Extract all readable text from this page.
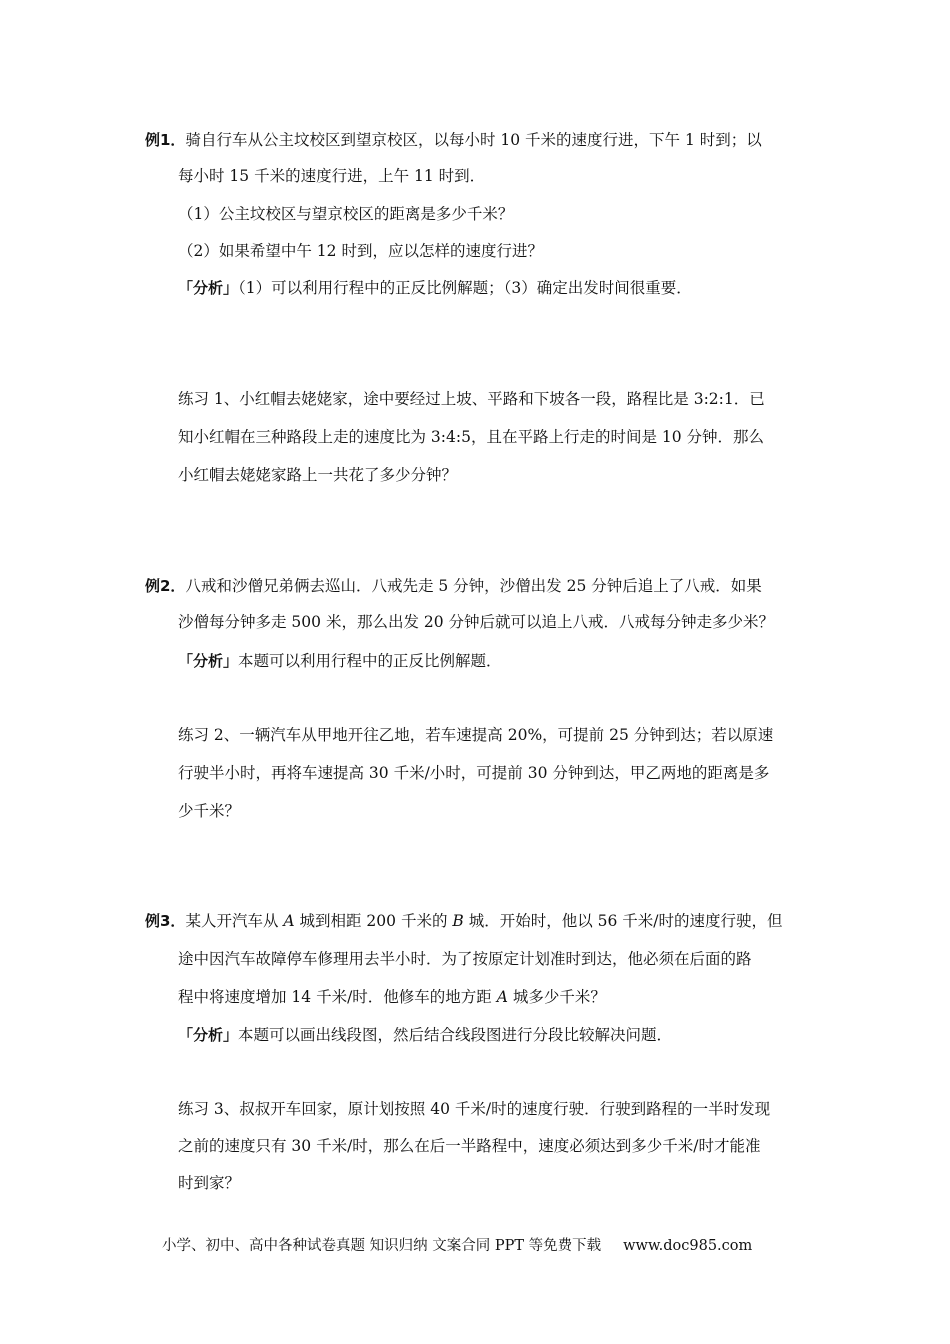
例1．骑自行车从公主坟校区到望京校区，以每小时 10 千米的速度行进，下午 1 时到；以
每小时 15 千米的速度行进，上午 11 时到．
（1）公主坟校区与望京校区的距离是多少千米？
（2）如果希望中午 12 时到，应以怎样的速度行进？
「分析」（1）可以利用行程中的正反比例解题；（3）确定出发时间很重要．
练习 1、小红帽去姥姥家，途中要经过上坡、平路和下坡各一段，路程比是 3:2:1．已
知小红帽在三种路段上走的速度比为 3:4:5，且在平路上行走的时间是 10 分钟．那么
小红帽去姥姥家路上一共花了多少分钟？
例2．八戒和沙僧兄弟俩去巡山．八戒先走 5 分钟，沙僧出发 25 分钟后追上了八戒．如果
沙僧每分钟多走 500 米，那么出发 20 分钟后就可以追上八戒．八戒每分钟走多少米？
「分析」本题可以利用行程中的正反比例解题．
练习 2、一辆汽车从甲地开往乙地，若车速提高 20%，可提前 25 分钟到达；若以原速
行驶半小时，再将车速提高 30 千米/小时，可提前 30 分钟到达，甲乙两地的距离是多
少千米？
例3．某人开汽车从 A 城到相距 200 千米的 B 城．开始时，他以 56 千米/时的速度行驶，但
途中因汽车故障停车修理用去半小时．为了按原定计划准时到达，他必须在后面的路
程中将速度增加 14 千米/时．他修车的地方距 A 城多少千米？
「分析」本题可以画出线段图，然后结合线段图进行分段比较解决问题．
练习 3、叔叔开车回家，原计划按照 40 千米/时的速度行驶．行驶到路程的一半时发现
之前的速度只有 30 千米/时，那么在后一半路程中，速度必须达到多少千米/时才能准
时到家？
小学、初中、高中各种试卷真题 知识归纳 文案合同 PPT 等免费下载 www.doc985.com
